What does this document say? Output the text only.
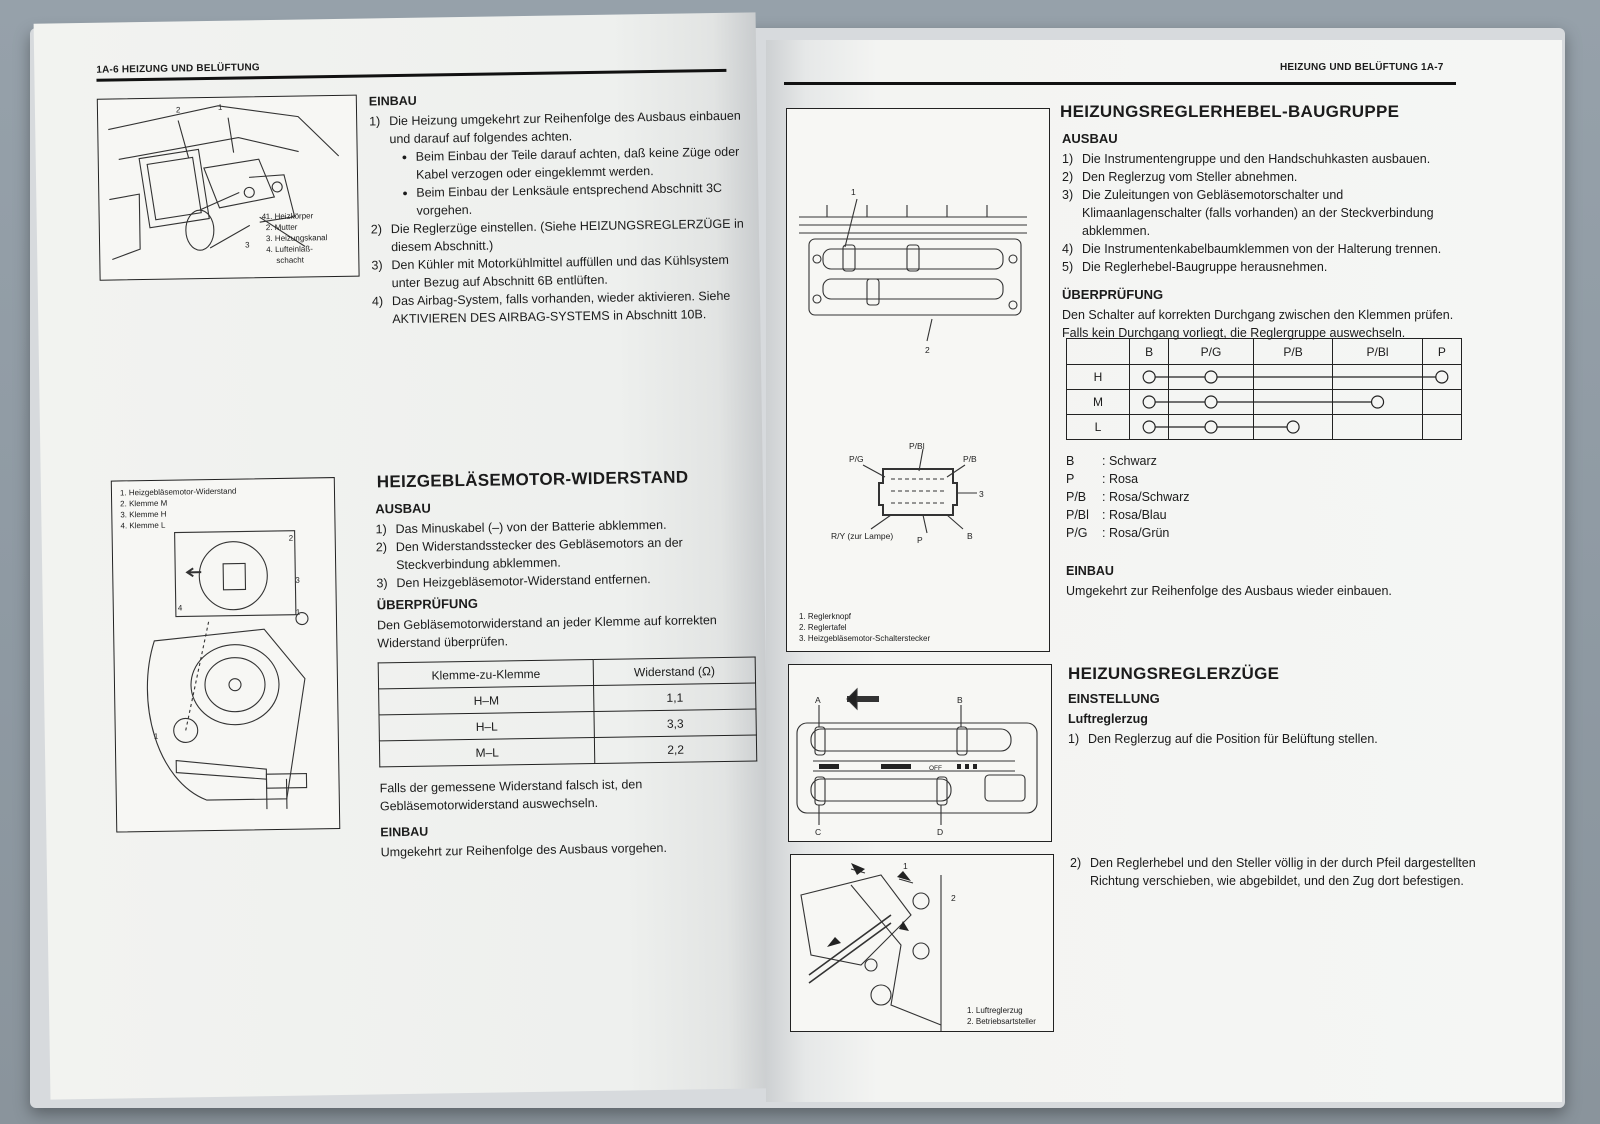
1A-6 HEIZUNG UND BELÜFTUNG
2	1
3
4 1. Heizkörper
2. Mutter
3. Heizungskanal
4. Lufteinlaß-
schacht
EINBAU
1) Die Heizung umgekehrt zur Reihenfolge des Ausbaus einbauen und darauf auf folgendes achten.
● Beim Einbau der Teile darauf achten, daß keine Züge oder Kabel verzogen oder eingeklemmt werden.
● Beim Einbau der Lenksäule entsprechend Abschnitt 3C vorgehen.
2) Die Reglerzüge einstellen. (Siehe HEIZUNGSREGLERZÜGE in diesem Abschnitt.)
3) Den Kühler mit Motorkühlmittel auffüllen und das Kühlsystem unter Bezug auf Abschnitt 6B entlüften.
4) Das Airbag-System, falls vorhanden, wieder aktivieren. Siehe AKTIVIEREN DES AIRBAG-SYSTEMS in Abschnitt 10B.
1. Heizgebläsemotor-Widerstand
2. Klemme M
3. Klemme H
4. Klemme L
2
3
4	1
1
HEIZGEBLÄSEMOTOR-WIDERSTAND
AUSBAU
1) Das Minuskabel (–) von der Batterie abklemmen.
2) Den Widerstandsstecker des Gebläsemotors an der Steckverbindung abklemmen.
3) Den Heizgebläsemotor-Widerstand entfernen.
ÜBERPRÜFUNG
Den Gebläsemotorwiderstand an jeder Klemme auf korrekten Widerstand überprüfen.
Klemme-zu-Klemme	Widerstand (Ω)
H–M	1,1
H–L	3,3
M–L	2,2
Falls der gemessene Widerstand falsch ist, den Gebläsemotorwiderstand auswechseln.
EINBAU
Umgekehrt zur Reihenfolge des Ausbaus vorgehen.
HEIZUNG UND BELÜFTUNG 1A-7
1
2
3
P/G
P/Bl
P/B
R/Y (zur Lampe)	P	B
1. Reglerknopf
2. Reglertafel
3. Heizgebläsemotor-Schalterstecker
HEIZUNGSREGLERHEBEL-BAUGRUPPE
AUSBAU
1) Die Instrumentengruppe und den Handschuhkasten ausbauen.
2) Den Reglerzug vom Steller abnehmen.
3) Die Zuleitungen von Gebläsemotorschalter und Klimaanlagenschalter (falls vorhanden) an der Steckverbindung abklemmen.
4) Die Instrumentenkabelbaumklemmen von der Halterung trennen.
5) Die Reglerhebel-Baugruppe herausnehmen.
ÜBERPRÜFUNG
Den Schalter auf korrekten Durchgang zwischen den Klemmen prüfen. Falls kein Durchgang vorliegt, die Reglergruppe auswechseln.
	B	P/G	P/B	P/Bl	P
H					
M					
L					
B : Schwarz
P : Rosa
P/B : Rosa/Schwarz
P/Bl : Rosa/Blau
P/G : Rosa/Grün
EINBAU
Umgekehrt zur Reihenfolge des Ausbaus wieder einbauen.
A	B
C	D
OFF
HEIZUNGSREGLERZÜGE
EINSTELLUNG
Luftreglerzug
1) Den Reglerzug auf die Position für Belüftung stellen.
2) Den Reglerhebel und den Steller völlig in der durch Pfeil dargestellten Richtung verschieben, wie abgebildet, und den Zug dort befestigen.
1
2
1. Luftreglerzug
2. Betriebsartsteller
